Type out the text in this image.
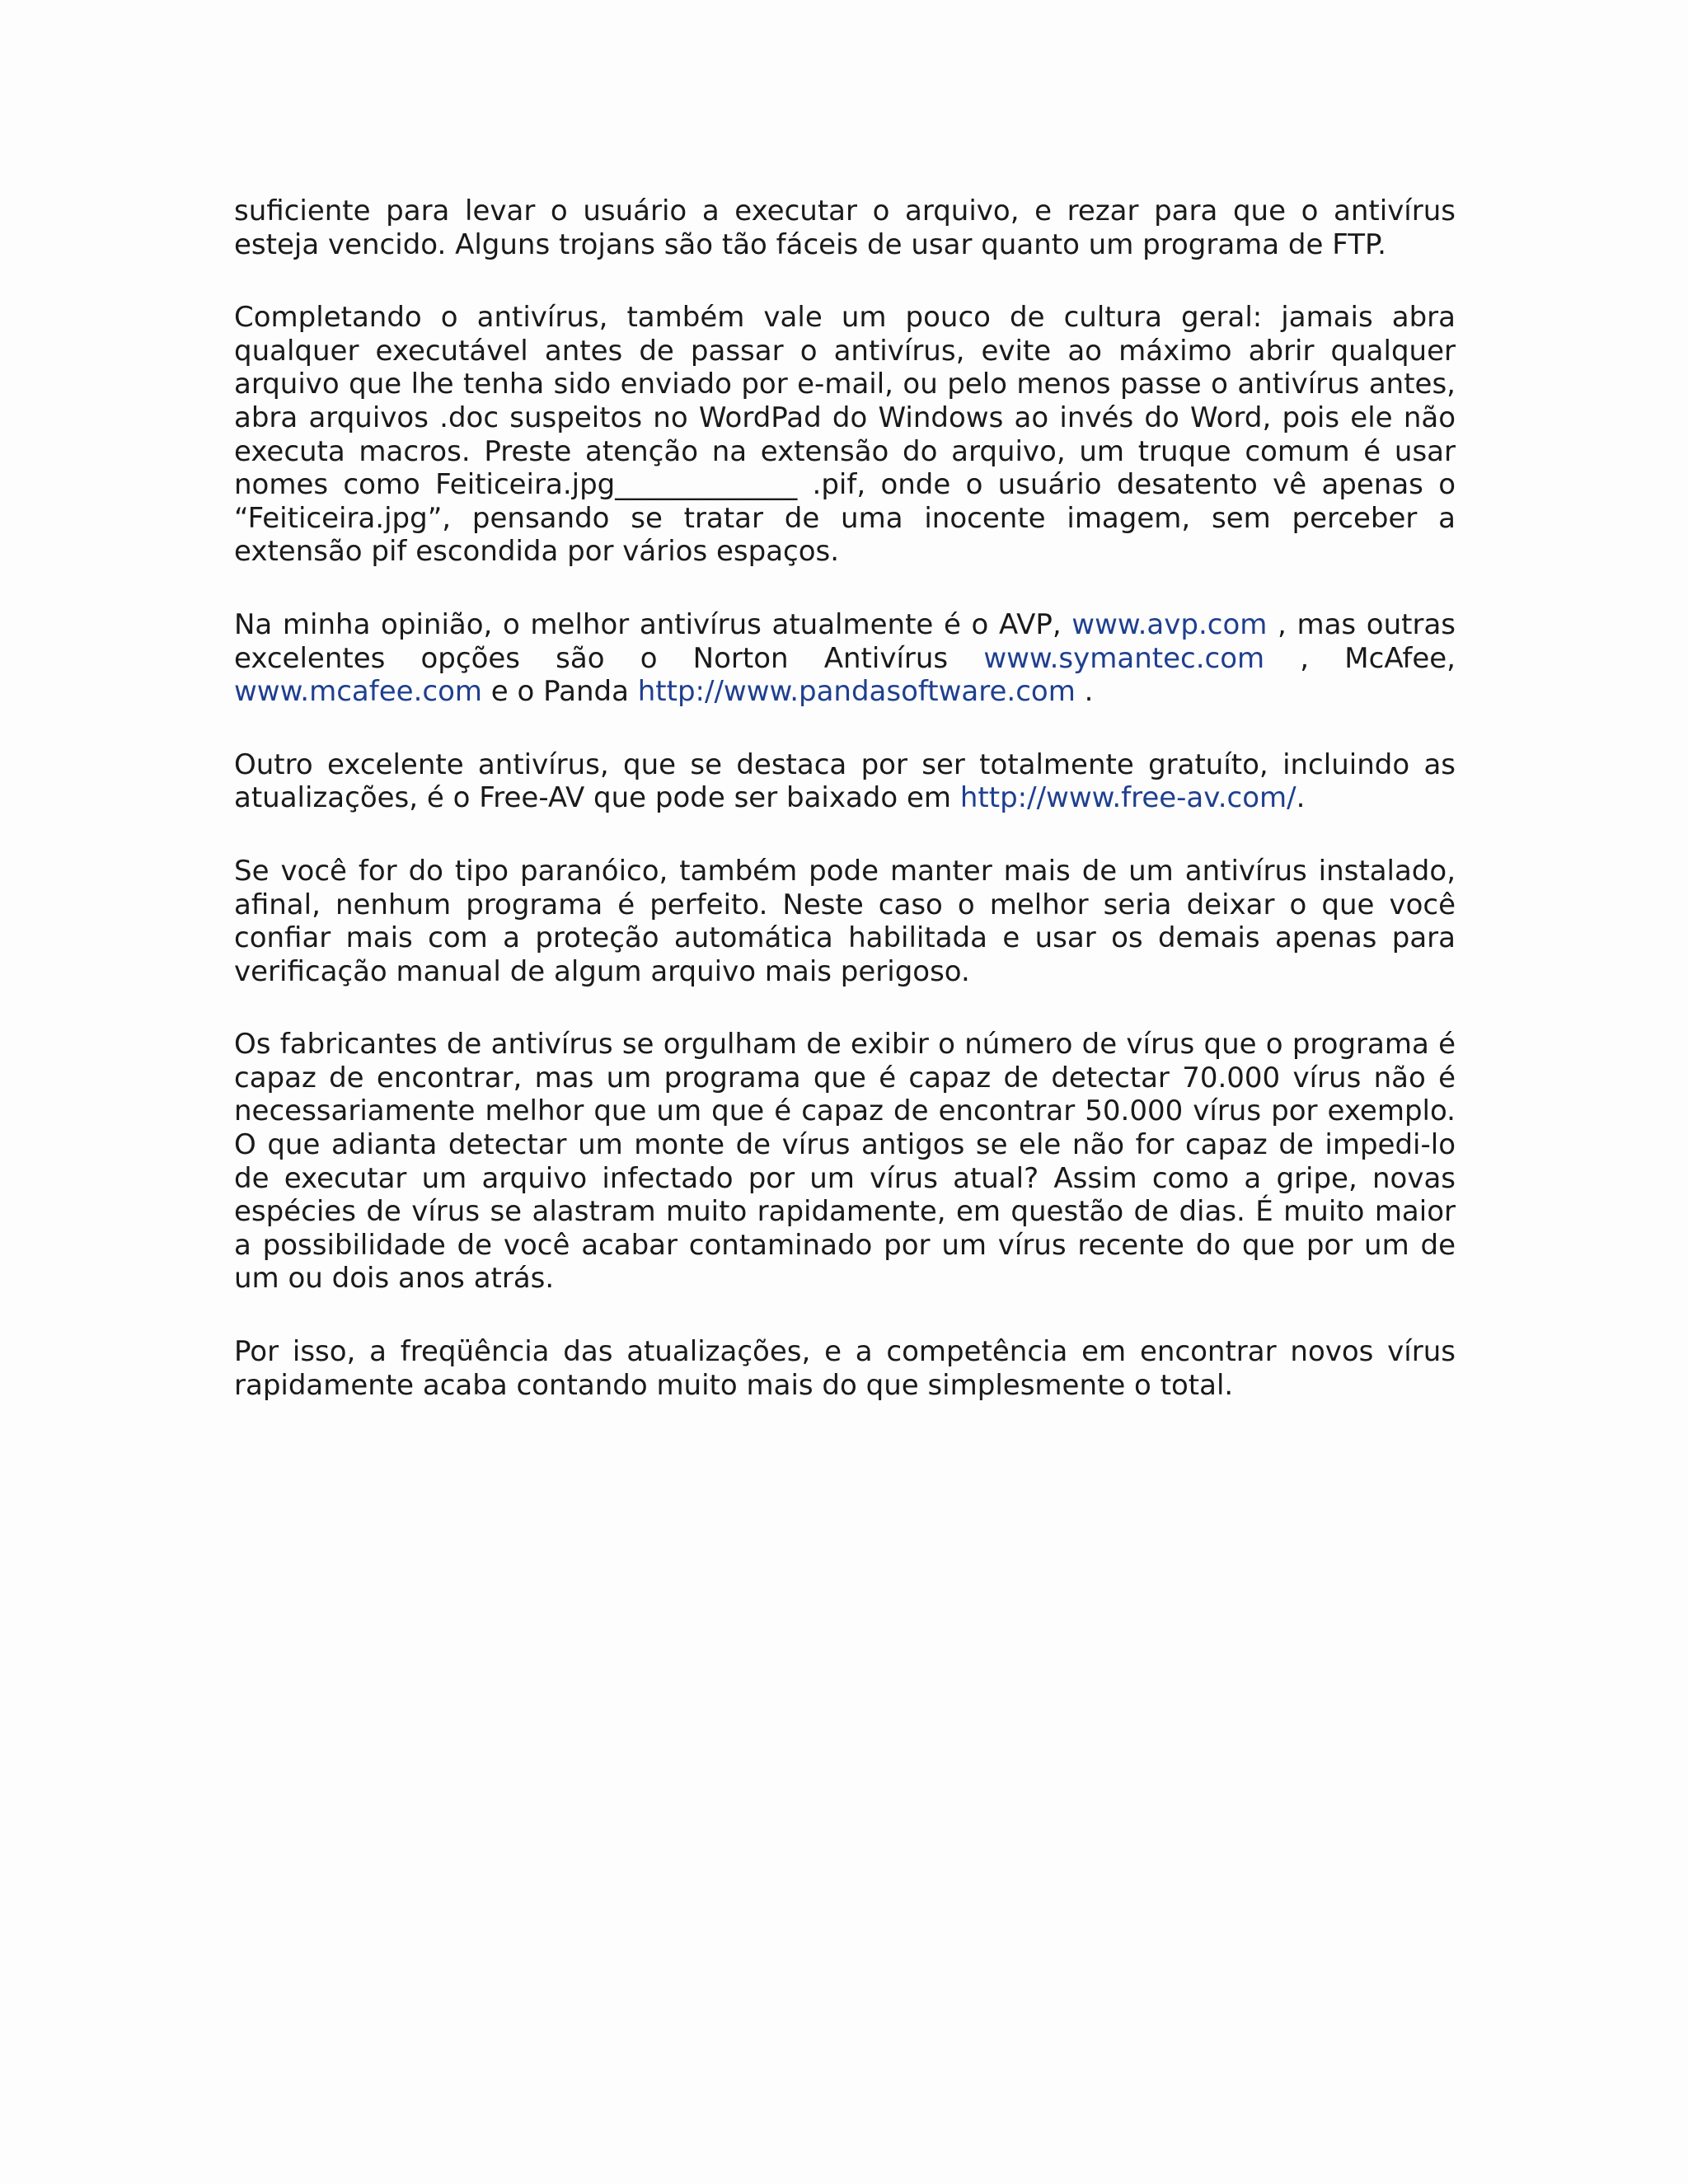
suficiente para levar o usuário a executar o arquivo, e rezar para que o antivírus esteja vencido. Alguns trojans são tão fáceis de usar quanto um programa de FTP.

Completando o antivírus, também vale um pouco de cultura geral: jamais abra qualquer executável antes de passar o antivírus, evite ao máximo abrir qualquer arquivo que lhe tenha sido enviado por e-mail, ou pelo menos passe o antivírus antes, abra arquivos .doc suspeitos no WordPad do Windows ao invés do Word, pois ele não executa macros. Preste atenção na extensão do arquivo, um truque comum é usar nomes como Feiticeira.jpg_____________ .pif, onde o usuário desatento vê apenas o “Feiticeira.jpg”, pensando se tratar de uma inocente imagem, sem perceber a extensão pif escondida por vários espaços.

Na minha opinião, o melhor antivírus atualmente é o AVP, www.avp.com , mas outras excelentes opções são o Norton Antivírus www.symantec.com , McAfee, www.mcafee.com e o Panda http://www.pandasoftware.com .

Outro excelente antivírus, que se destaca por ser totalmente gratuíto, incluindo as atualizações, é o Free-AV que pode ser baixado em http://www.free-av.com/.

Se você for do tipo paranóico, também pode manter mais de um antivírus instalado, afinal, nenhum programa é perfeito. Neste caso o melhor seria deixar o que você confiar mais com a proteção automática habilitada e usar os demais apenas para verificação manual de algum arquivo mais perigoso.

Os fabricantes de antivírus se orgulham de exibir o número de vírus que o programa é capaz de encontrar, mas um programa que é capaz de detectar 70.000 vírus não é necessariamente melhor que um que é capaz de encontrar 50.000 vírus por exemplo. O que adianta detectar um monte de vírus antigos se ele não for capaz de impedi-lo de executar um arquivo infectado por um vírus atual? Assim como a gripe, novas espécies de vírus se alastram muito rapidamente, em questão de dias. É muito maior a possibilidade de você acabar contaminado por um vírus recente do que por um de um ou dois anos atrás.

Por isso, a freqüência das atualizações, e a competência em encontrar novos vírus rapidamente acaba contando muito mais do que simplesmente o total.
